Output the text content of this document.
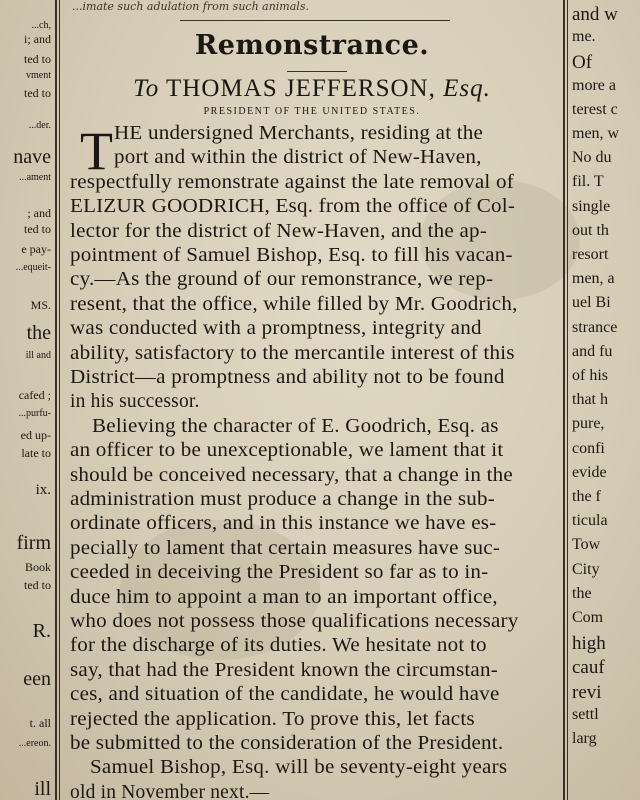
...ch,
i; and
ted to
vment
ted to
...der.
nave
...ament
; and
ted to
e pay-
...equeit-
MS.
the
ill and
cafed ;
...purfu-
ed up-
late to
ix.
firm
Book
ted to
R.
een
t. all
...ereon.
ill
...imate such adulation from such animals.
Remonstrance.
To THOMAS JEFFERSON, Esq.
PRESIDENT OF THE UNITED STATES.
T HE undersigned Merchants, residing at the
port and within the district of New-Haven,
respectfully remonstrate against the late removal of
ELIZUR GOODRICH, Esq. from the office of Col-
lector for the district of New-Haven, and the ap-
pointment of Samuel Bishop, Esq. to fill his vacan-
cy.—As the ground of our remonstrance, we rep-
resent, that the office, while filled by Mr. Goodrich,
was conducted with a promptness, integrity and
ability, satisfactory to the mercantile interest of this
District—a promptness and ability not to be found
in his successor.
Believing the character of E. Goodrich, Esq. as
an officer to be unexceptionable, we lament that it
should be conceived necessary, that a change in the
administration must produce a change in the sub-
ordinate officers, and in this instance we have es-
pecially to lament that certain measures have suc-
ceeded in deceiving the President so far as to in-
duce him to appoint a man to an important office,
who does not possess those qualifications necessary
for the discharge of its duties. We hesitate not to
say, that had the President known the circumstan-
ces, and situation of the candidate, he would have
rejected the application. To prove this, let facts
be submitted to the consideration of the President.
Samuel Bishop, Esq. will be seventy-eight years
old in November next.—
and w
me.
Of
more a
terest c
men, w
No du
fil. T
single
out th
resort
men, a
uel Bi
strance
and fu
of his
that h
pure,
confi
evide
the f
ticula
Tow
City
the
Com
high
cauf
revi
settl
larg
